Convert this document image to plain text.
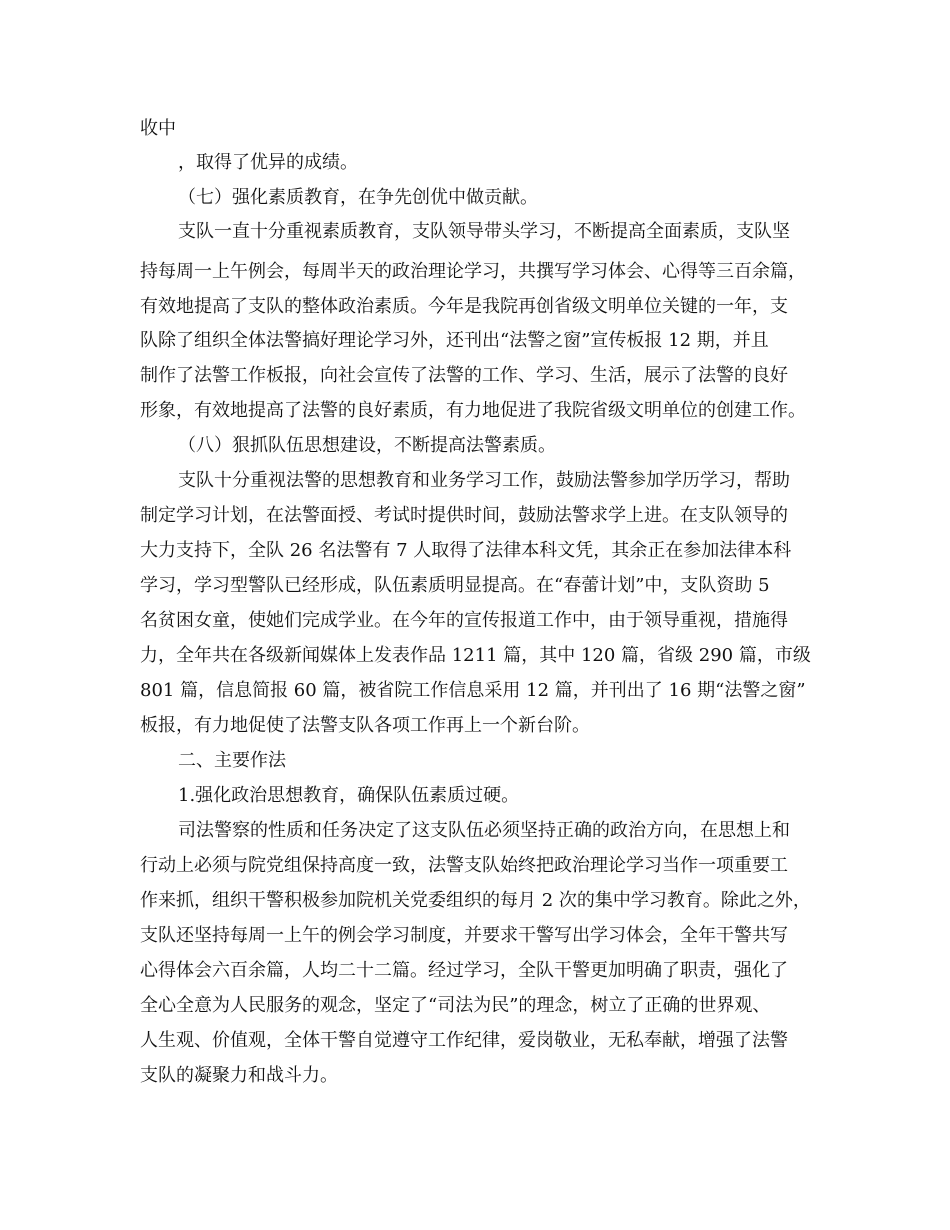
收中
，取得了优异的成绩。
（七）强化素质教育，在争先创优中做贡献。
支队一直十分重视素质教育，支队领导带头学习，不断提高全面素质，支队坚
持每周一上午例会，每周半天的政治理论学习，共撰写学习体会、心得等三百余篇，
有效地提高了支队的整体政治素质。今年是我院再创省级文明单位关键的一年，支
队除了组织全体法警搞好理论学习外，还刊出“法警之窗”宣传板报 12 期，并且
制作了法警工作板报，向社会宣传了法警的工作、学习、生活，展示了法警的良好
形象，有效地提高了法警的良好素质，有力地促进了我院省级文明单位的创建工作。
（八）狠抓队伍思想建设，不断提高法警素质。
支队十分重视法警的思想教育和业务学习工作，鼓励法警参加学历学习，帮助
制定学习计划，在法警面授、考试时提供时间，鼓励法警求学上进。在支队领导的
大力支持下，全队 26 名法警有 7 人取得了法律本科文凭，其余正在参加法律本科
学习，学习型警队已经形成，队伍素质明显提高。在“春蕾计划”中，支队资助 5
名贫困女童，使她们完成学业。在今年的宣传报道工作中，由于领导重视，措施得
力，全年共在各级新闻媒体上发表作品 1211 篇，其中 120 篇，省级 290 篇，市级
801 篇，信息简报 60 篇，被省院工作信息采用 12 篇，并刊出了 16 期“法警之窗”
板报，有力地促使了法警支队各项工作再上一个新台阶。
二、主要作法
1.强化政治思想教育，确保队伍素质过硬。
司法警察的性质和任务决定了这支队伍必须坚持正确的政治方向，在思想上和
行动上必须与院党组保持高度一致，法警支队始终把政治理论学习当作一项重要工
作来抓，组织干警积极参加院机关党委组织的每月 2 次的集中学习教育。除此之外，
支队还坚持每周一上午的例会学习制度，并要求干警写出学习体会，全年干警共写
心得体会六百余篇，人均二十二篇。经过学习，全队干警更加明确了职责，强化了
全心全意为人民服务的观念，坚定了“司法为民”的理念，树立了正确的世界观、
人生观、价值观，全体干警自觉遵守工作纪律，爱岗敬业，无私奉献，增强了法警
支队的凝聚力和战斗力。
